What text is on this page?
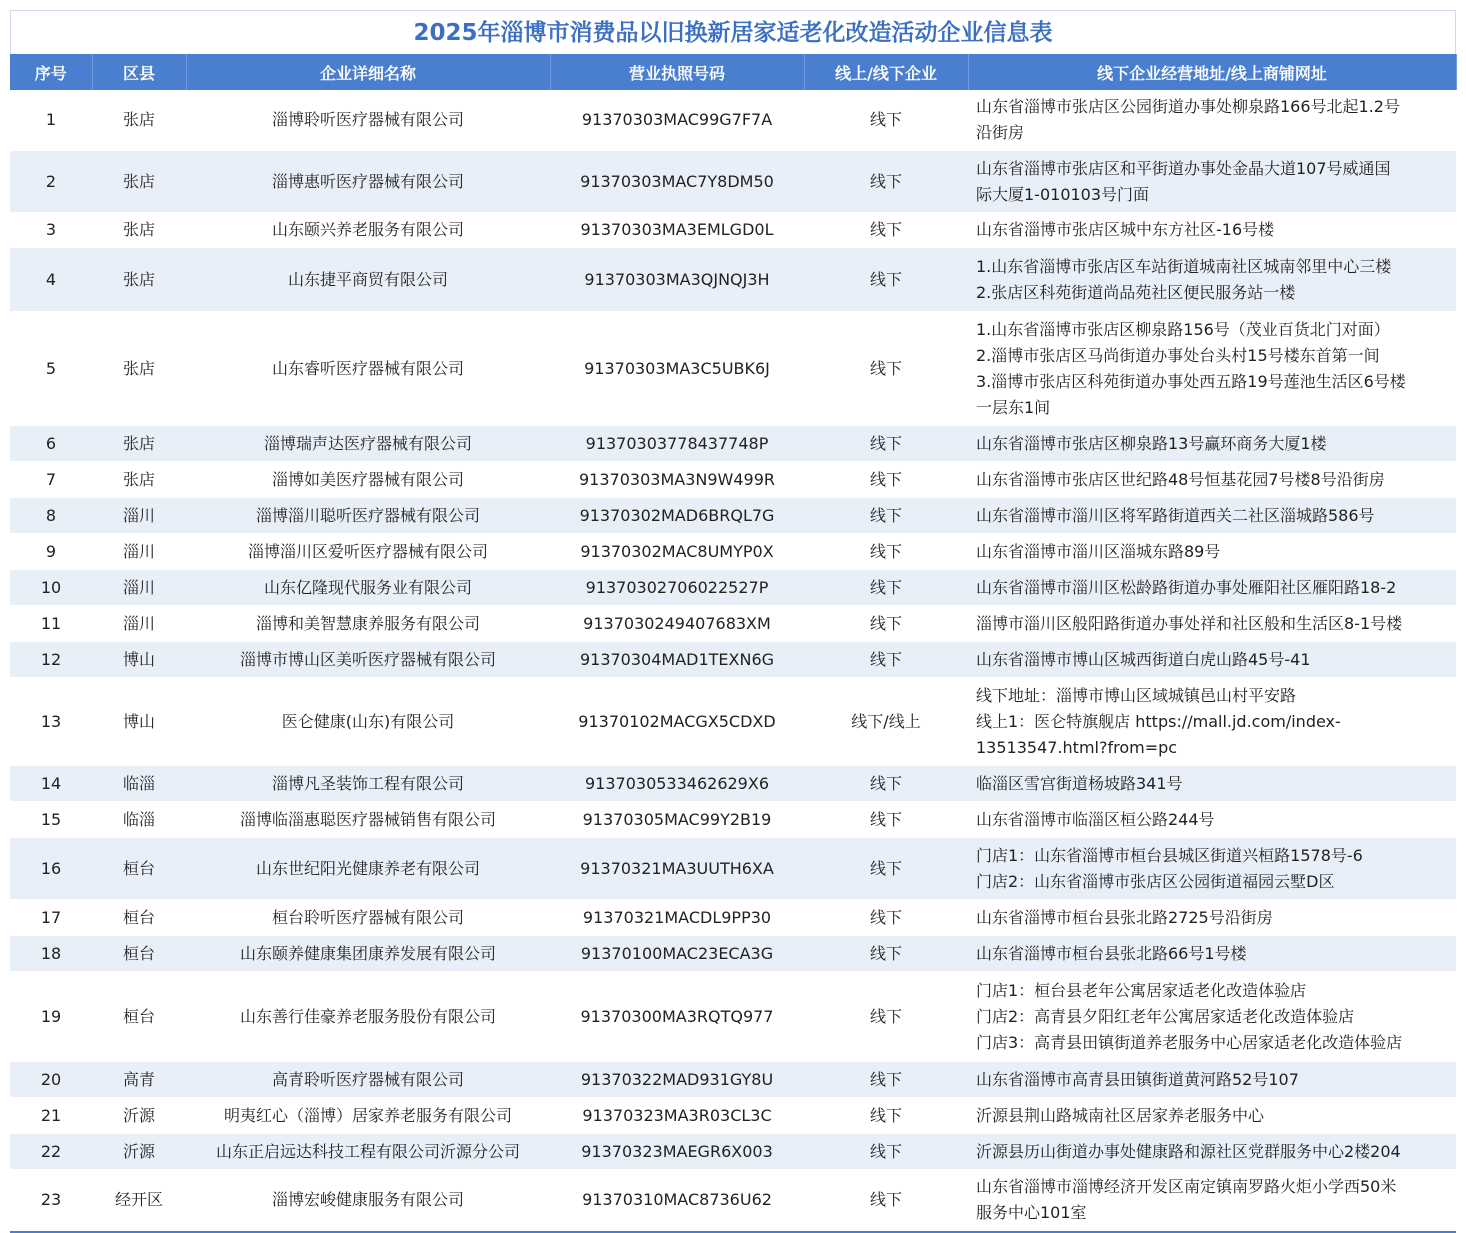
2025年淄博市消费品以旧换新居家适老化改造活动企业信息表
序号	区县	企业详细名称	营业执照号码	线上/线下企业	线下企业经营地址/线上商铺网址
1	张店	淄博聆听医疗器械有限公司	91370303MAC99G7F7A	线下	山东省淄博市张店区公园街道办事处柳泉路166号北起1.2号
沿街房
2	张店	淄博惠听医疗器械有限公司	91370303MAC7Y8DM50	线下	山东省淄博市张店区和平街道办事处金晶大道107号威通国
际大厦1-010103号门面
3	张店	山东颐兴养老服务有限公司	91370303MA3EMLGD0L	线下	山东省淄博市张店区城中东方社区-16号楼
4	张店	山东捷平商贸有限公司	91370303MA3QJNQJ3H	线下	1.山东省淄博市张店区车站街道城南社区城南邻里中心三楼
2.张店区科苑街道尚品苑社区便民服务站一楼
5	张店	山东睿听医疗器械有限公司	91370303MA3C5UBK6J	线下	1.山东省淄博市张店区柳泉路156号（茂业百货北门对面）
2.淄博市张店区马尚街道办事处台头村15号楼东首第一间
3.淄博市张店区科苑街道办事处西五路19号莲池生活区6号楼
一层东1间
6	张店	淄博瑞声达医疗器械有限公司	91370303778437748P	线下	山东省淄博市张店区柳泉路13号赢环商务大厦1楼
7	张店	淄博如美医疗器械有限公司	91370303MA3N9W499R	线下	山东省淄博市张店区世纪路48号恒基花园7号楼8号沿街房
8	淄川	淄博淄川聪听医疗器械有限公司	91370302MAD6BRQL7G	线下	山东省淄博市淄川区将军路街道西关二社区淄城路586号
9	淄川	淄博淄川区爱听医疗器械有限公司	91370302MAC8UMYP0X	线下	山东省淄博市淄川区淄城东路89号
10	淄川	山东亿隆现代服务业有限公司	91370302706022527P	线下	山东省淄博市淄川区松龄路街道办事处雁阳社区雁阳路18-2
11	淄川	淄博和美智慧康养服务有限公司	9137030249407683XM	线下	淄博市淄川区般阳路街道办事处祥和社区般和生活区8-1号楼
12	博山	淄博市博山区美听医疗器械有限公司	91370304MAD1TEXN6G	线下	山东省淄博市博山区城西街道白虎山路45号-41
13	博山	医仑健康(山东)有限公司	91370102MACGX5CDXD	线下/线上	线下地址：淄博市博山区域城镇邑山村平安路
线上1：医仑特旗舰店 https://mall.jd.com/index-
13513547.html?from=pc
14	临淄	淄博凡圣装饰工程有限公司	9137030533462629X6	线下	临淄区雪宫街道杨坡路341号
15	临淄	淄博临淄惠聪医疗器械销售有限公司	91370305MAC99Y2B19	线下	山东省淄博市临淄区桓公路244号
16	桓台	山东世纪阳光健康养老有限公司	91370321MA3UUTH6XA	线下	门店1：山东省淄博市桓台县城区街道兴桓路1578号-6
门店2：山东省淄博市张店区公园街道福园云墅D区
17	桓台	桓台聆听医疗器械有限公司	91370321MACDL9PP30	线下	山东省淄博市桓台县张北路2725号沿街房
18	桓台	山东颐养健康集团康养发展有限公司	91370100MAC23ECA3G	线下	山东省淄博市桓台县张北路66号1号楼
19	桓台	山东善行佳豪养老服务股份有限公司	91370300MA3RQTQ977	线下	门店1：桓台县老年公寓居家适老化改造体验店
门店2：高青县夕阳红老年公寓居家适老化改造体验店
门店3：高青县田镇街道养老服务中心居家适老化改造体验店
20	高青	高青聆听医疗器械有限公司	91370322MAD931GY8U	线下	山东省淄博市高青县田镇街道黄河路52号107
21	沂源	明夷红心（淄博）居家养老服务有限公司	91370323MA3R03CL3C	线下	沂源县荆山路城南社区居家养老服务中心
22	沂源	山东正启远达科技工程有限公司沂源分公司	91370323MAEGR6X003	线下	沂源县历山街道办事处健康路和源社区党群服务中心2楼204
23	经开区	淄博宏峻健康服务有限公司	91370310MAC8736U62	线下	山东省淄博市淄博经济开发区南定镇南罗路火炬小学西50米
服务中心101室
